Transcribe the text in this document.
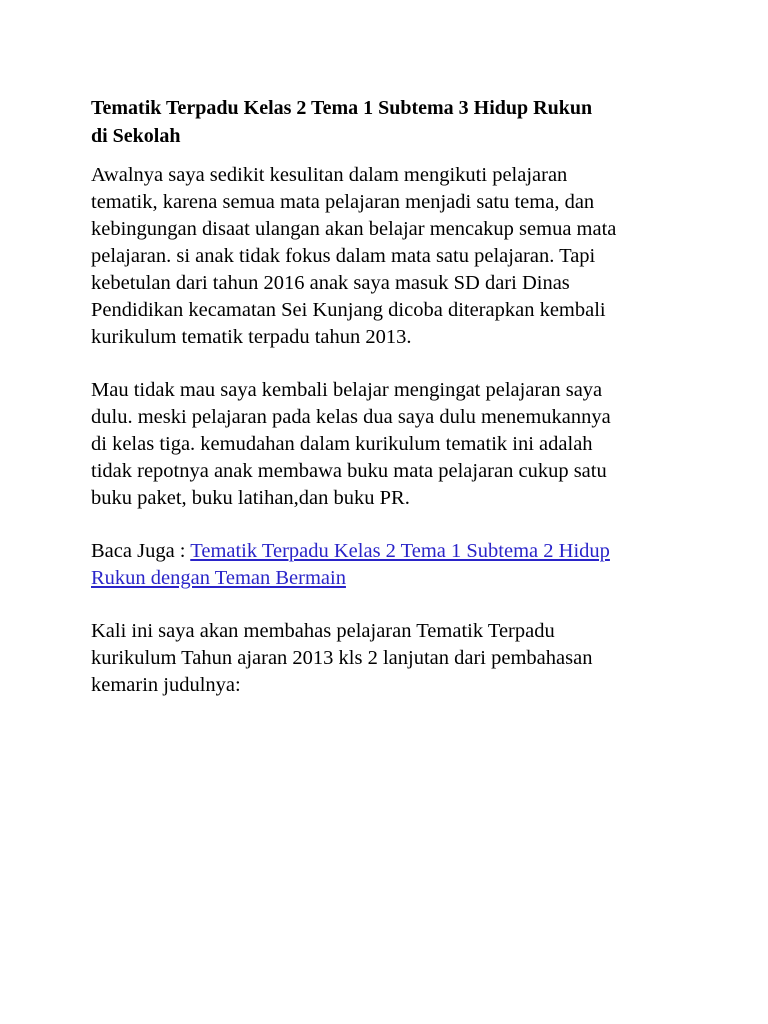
Tematik Terpadu Kelas 2 Tema 1 Subtema 3 Hidup Rukun
di Sekolah
Awalnya saya sedikit kesulitan dalam mengikuti pelajaran
tematik, karena semua mata pelajaran menjadi satu tema, dan
kebingungan disaat ulangan akan belajar mencakup semua mata
pelajaran. si anak tidak fokus dalam mata satu pelajaran. Tapi
kebetulan dari tahun 2016 anak saya masuk SD dari Dinas
Pendidikan kecamatan Sei Kunjang dicoba diterapkan kembali
kurikulum tematik terpadu tahun 2013.
Mau tidak mau saya kembali belajar mengingat pelajaran saya
dulu. meski pelajaran pada kelas dua saya dulu menemukannya
di kelas tiga. kemudahan dalam kurikulum tematik ini adalah
tidak repotnya anak membawa buku mata pelajaran cukup satu
buku paket, buku latihan,dan buku PR.
Baca Juga : Tematik Terpadu Kelas 2 Tema 1 Subtema 2 Hidup
Rukun dengan Teman Bermain
Kali ini saya akan membahas pelajaran Tematik Terpadu
kurikulum Tahun ajaran 2013 kls 2 lanjutan dari pembahasan
kemarin judulnya:
